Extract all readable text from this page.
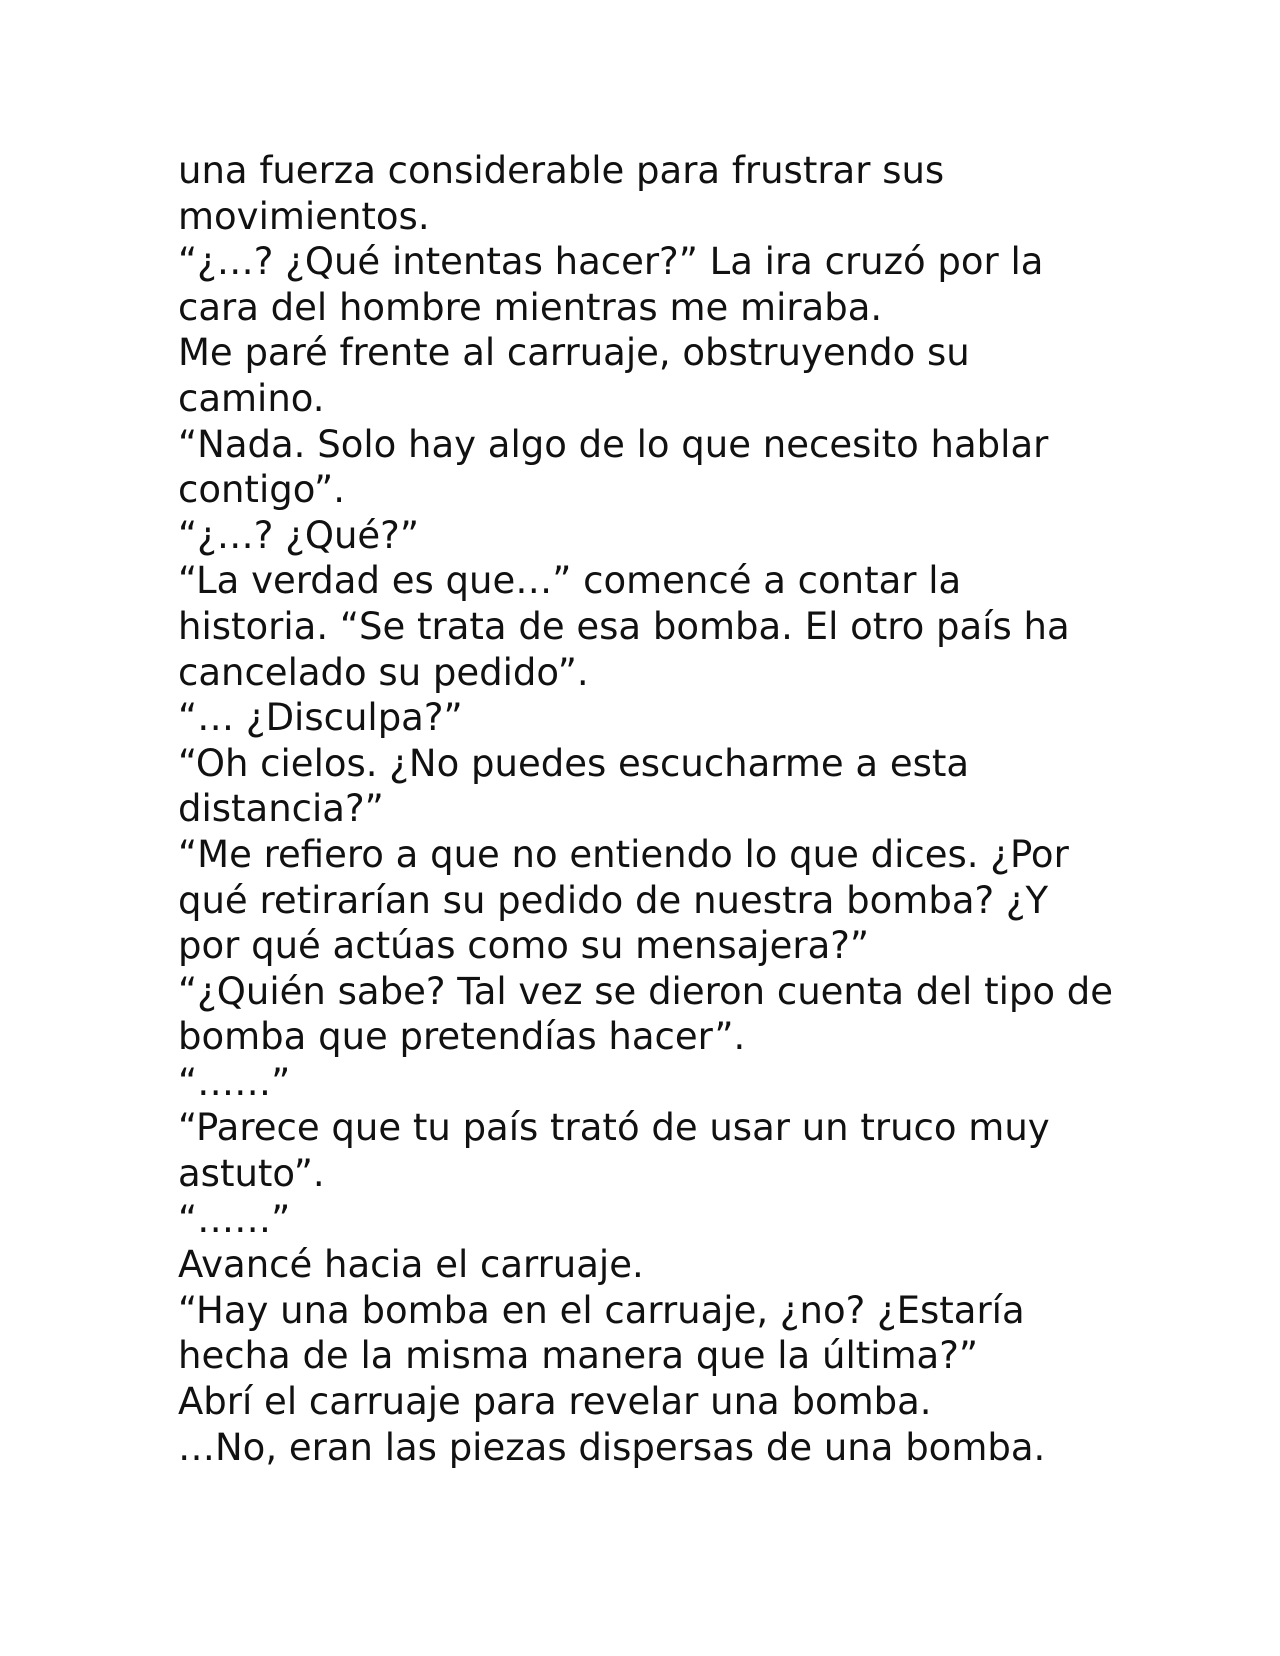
una fuerza considerable para frustrar sus movimientos.

“¿…? ¿Qué intentas hacer?” La ira cruzó por la cara del hombre mientras me miraba.

Me paré frente al carruaje, obstruyendo su camino.

“Nada. Solo hay algo de lo que necesito hablar contigo”.

“¿…? ¿Qué?”

“La verdad es que…” comencé a contar la historia. “Se trata de esa bomba. El otro país ha cancelado su pedido”.

“… ¿Disculpa?”

“Oh cielos. ¿No puedes escucharme a esta distancia?”

“Me refiero a que no entiendo lo que dices. ¿Por qué retirarían su pedido de nuestra bomba? ¿Y por qué actúas como su mensajera?”

“¿Quién sabe? Tal vez se dieron cuenta del tipo de bomba que pretendías hacer”.

“……”

“Parece que tu país trató de usar un truco muy astuto”.

“……”

Avancé hacia el carruaje.

“Hay una bomba en el carruaje, ¿no? ¿Estaría hecha de la misma manera que la última?”

Abrí el carruaje para revelar una bomba.

…No, eran las piezas dispersas de una bomba.
